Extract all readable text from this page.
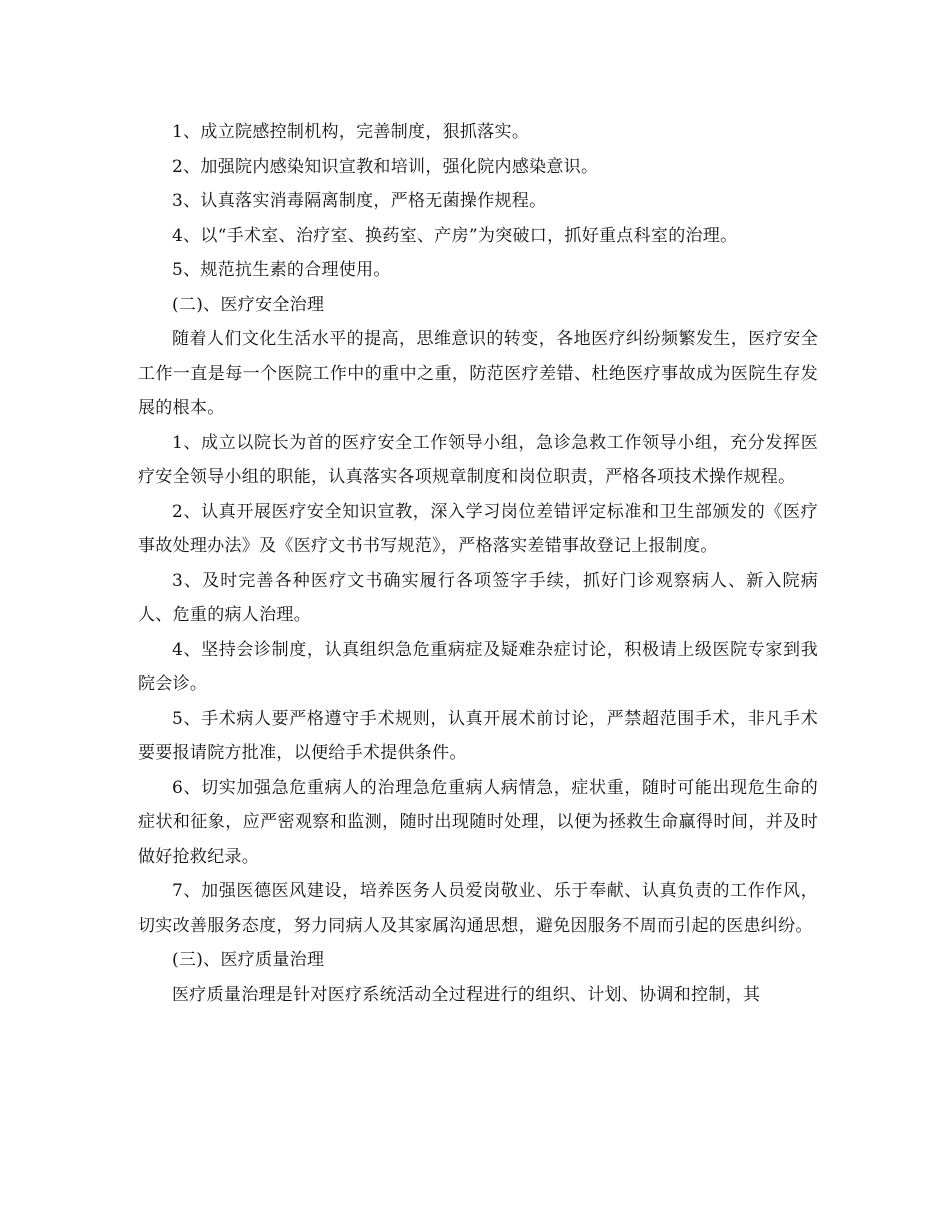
1、成立院感控制机构，完善制度，狠抓落实。

2、加强院内感染知识宣教和培训，强化院内感染意识。

3、认真落实消毒隔离制度，严格无菌操作规程。

4、以“手术室、治疗室、换药室、产房”为突破口，抓好重点科室的治理。

5、规范抗生素的合理使用。

(二)、医疗安全治理

随着人们文化生活水平的提高，思维意识的转变，各地医疗纠纷频繁发生，医疗安全工作一直是每一个医院工作中的重中之重，防范医疗差错、杜绝医疗事故成为医院生存发展的根本。

1、成立以院长为首的医疗安全工作领导小组，急诊急救工作领导小组，充分发挥医疗安全领导小组的职能，认真落实各项规章制度和岗位职责，严格各项技术操作规程。

2、认真开展医疗安全知识宣教，深入学习岗位差错评定标准和卫生部颁发的《医疗事故处理办法》及《医疗文书书写规范》，严格落实差错事故登记上报制度。

3、及时完善各种医疗文书确实履行各项签字手续，抓好门诊观察病人、新入院病人、危重的病人治理。

4、坚持会诊制度，认真组织急危重病症及疑难杂症讨论，积极请上级医院专家到我院会诊。

5、手术病人要严格遵守手术规则，认真开展术前讨论，严禁超范围手术，非凡手术要要报请院方批准，以便给手术提供条件。

6、切实加强急危重病人的治理急危重病人病情急，症状重，随时可能出现危生命的症状和征象，应严密观察和监测，随时出现随时处理，以便为拯救生命赢得时间，并及时做好抢救纪录。

7、加强医德医风建设，培养医务人员爱岗敬业、乐于奉献、认真负责的工作作风，切实改善服务态度，努力同病人及其家属沟通思想，避免因服务不周而引起的医患纠纷。

(三)、医疗质量治理

医疗质量治理是针对医疗系统活动全过程进行的组织、计划、协调和控制，其
